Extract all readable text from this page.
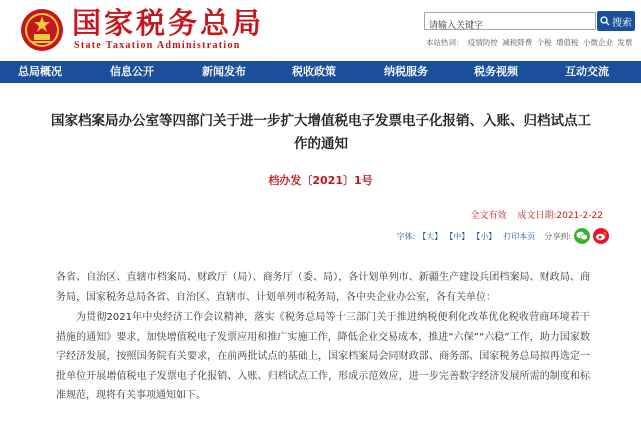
国家税务总局
State Taxation Administration
请输入关键字
搜索
本站热词： 疫情防控 减税降费 个税 增值税 小微企业 发票
总局概况	信息公开	新闻发布	税收政策	纳税服务	税务视频	互动交流
国家档案局办公室等四部门关于进一步扩大增值税电子发票电子化报销、入账、归档试点工
作的通知
档办发〔2021〕1号
全文有效 成文日期:2021-2-22
字体: 【大】 【中】 【小】 打印本页 分享到:

各省、自治区、直辖市档案局、财政厅（局）、商务厅（委、局），各计划单列市、新疆生产建设兵团档案局、财政局、商务局，国家税务总局各省、自治区、直辖市、计划单列市税务局，各中央企业办公室，各有关单位：

为贯彻2021年中央经济工作会议精神，落实《税务总局等十三部门关于推进纳税便利化改革优化税收营商环境若干措施的通知》要求，加快增值税电子发票应用和推广实施工作，降低企业交易成本，推进“六保”“六稳”工作，助力国家数字经济发展，按照国务院有关要求，在前两批试点的基础上，国家档案局会同财政部、商务部、国家税务总局拟再选定一批单位开展增值税电子发票电子化报销、入账、归档试点工作，形成示范效应，进一步完善数字经济发展所需的制度和标准规范，现将有关事项通知如下。
